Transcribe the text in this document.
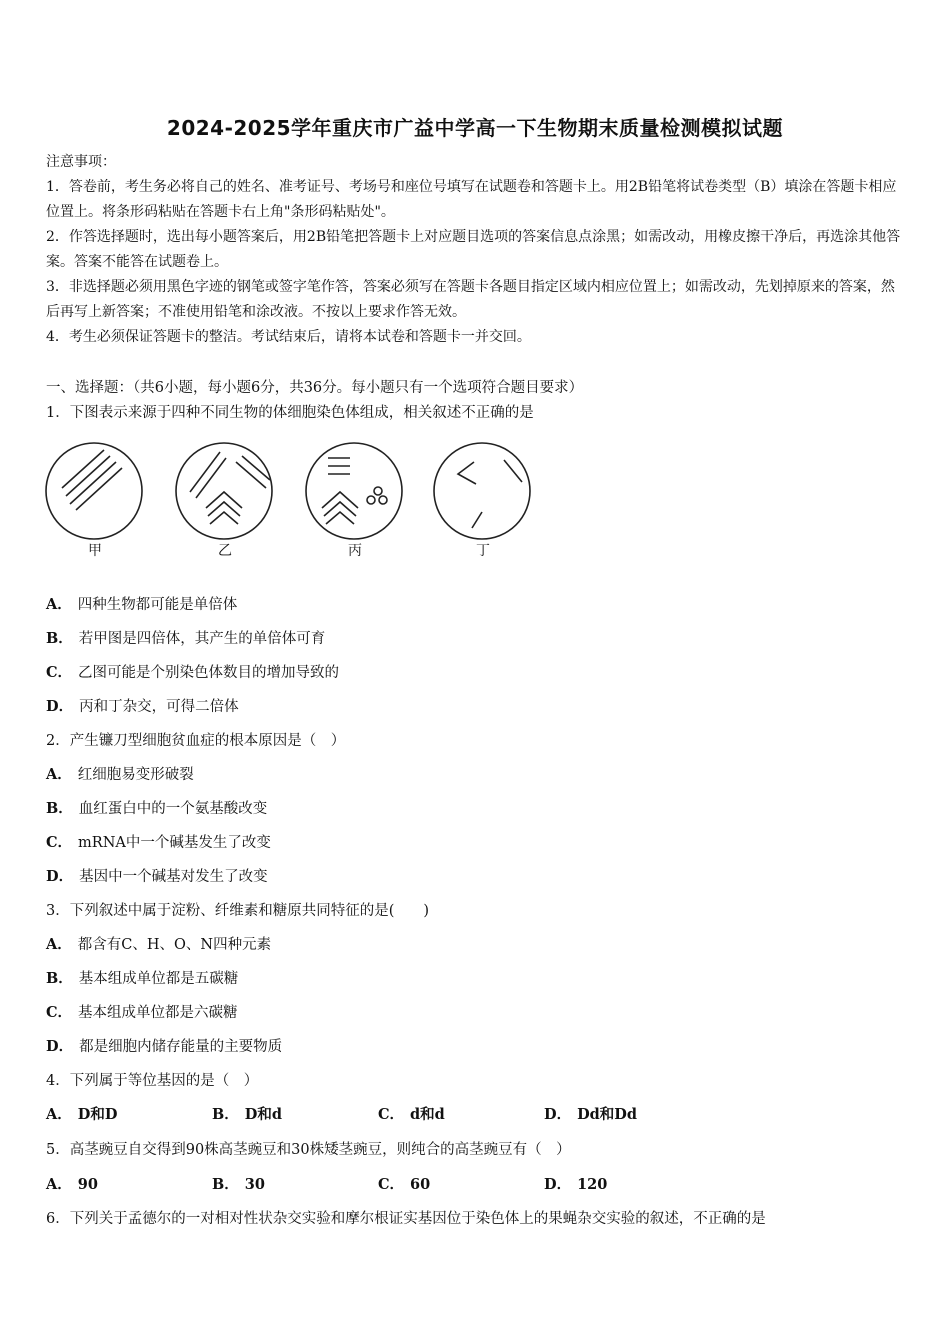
2024-2025学年重庆市广益中学高一下生物期末质量检测模拟试题

注意事项：

1．答卷前，考生务必将自己的姓名、准考证号、考场号和座位号填写在试题卷和答题卡上。用2B铅笔将试卷类型（B）填涂在答题卡相应位置上。将条形码粘贴在答题卡右上角"条形码粘贴处"。

2．作答选择题时，选出每小题答案后，用2B铅笔把答题卡上对应题目选项的答案信息点涂黑；如需改动，用橡皮擦干净后，再选涂其他答案。答案不能答在试题卷上。

3．非选择题必须用黑色字迹的钢笔或签字笔作答，答案必须写在答题卡各题目指定区域内相应位置上；如需改动，先划掉原来的答案，然后再写上新答案；不准使用铅笔和涂改液。不按以上要求作答无效。

4．考生必须保证答题卡的整洁。考试结束后，请将本试卷和答题卡一并交回。

一、选择题：（共6小题，每小题6分，共36分。每小题只有一个选项符合题目要求）
1．下图表示来源于四种不同生物的体细胞染色体组成，相关叙述不正确的是
甲	乙	丙	丁
A． 四种生物都可能是单倍体
B． 若甲图是四倍体，其产生的单倍体可育
C． 乙图可能是个别染色体数目的增加导致的
D． 丙和丁杂交，可得二倍体
2．产生镰刀型细胞贫血症的根本原因是（　）
A． 红细胞易变形破裂
B． 血红蛋白中的一个氨基酸改变
C． mRNA中一个碱基发生了改变
D． 基因中一个碱基对发生了改变
3．下列叙述中属于淀粉、纤维素和糖原共同特征的是(　　)
A． 都含有C、H、O、N四种元素
B． 基本组成单位都是五碳糖
C． 基本组成单位都是六碳糖
D． 都是细胞内储存能量的主要物质
4．下列属于等位基因的是（　）
A． D和D	B． D和d	C． d和d	D． Dd和Dd
5．高茎豌豆自交得到90株高茎豌豆和30株矮茎豌豆，则纯合的高茎豌豆有（　）
A． 90	B． 30	C． 60	D． 120
6．下列关于孟德尔的一对相对性状杂交实验和摩尔根证实基因位于染色体上的果蝇杂交实验的叙述，不正确的是
